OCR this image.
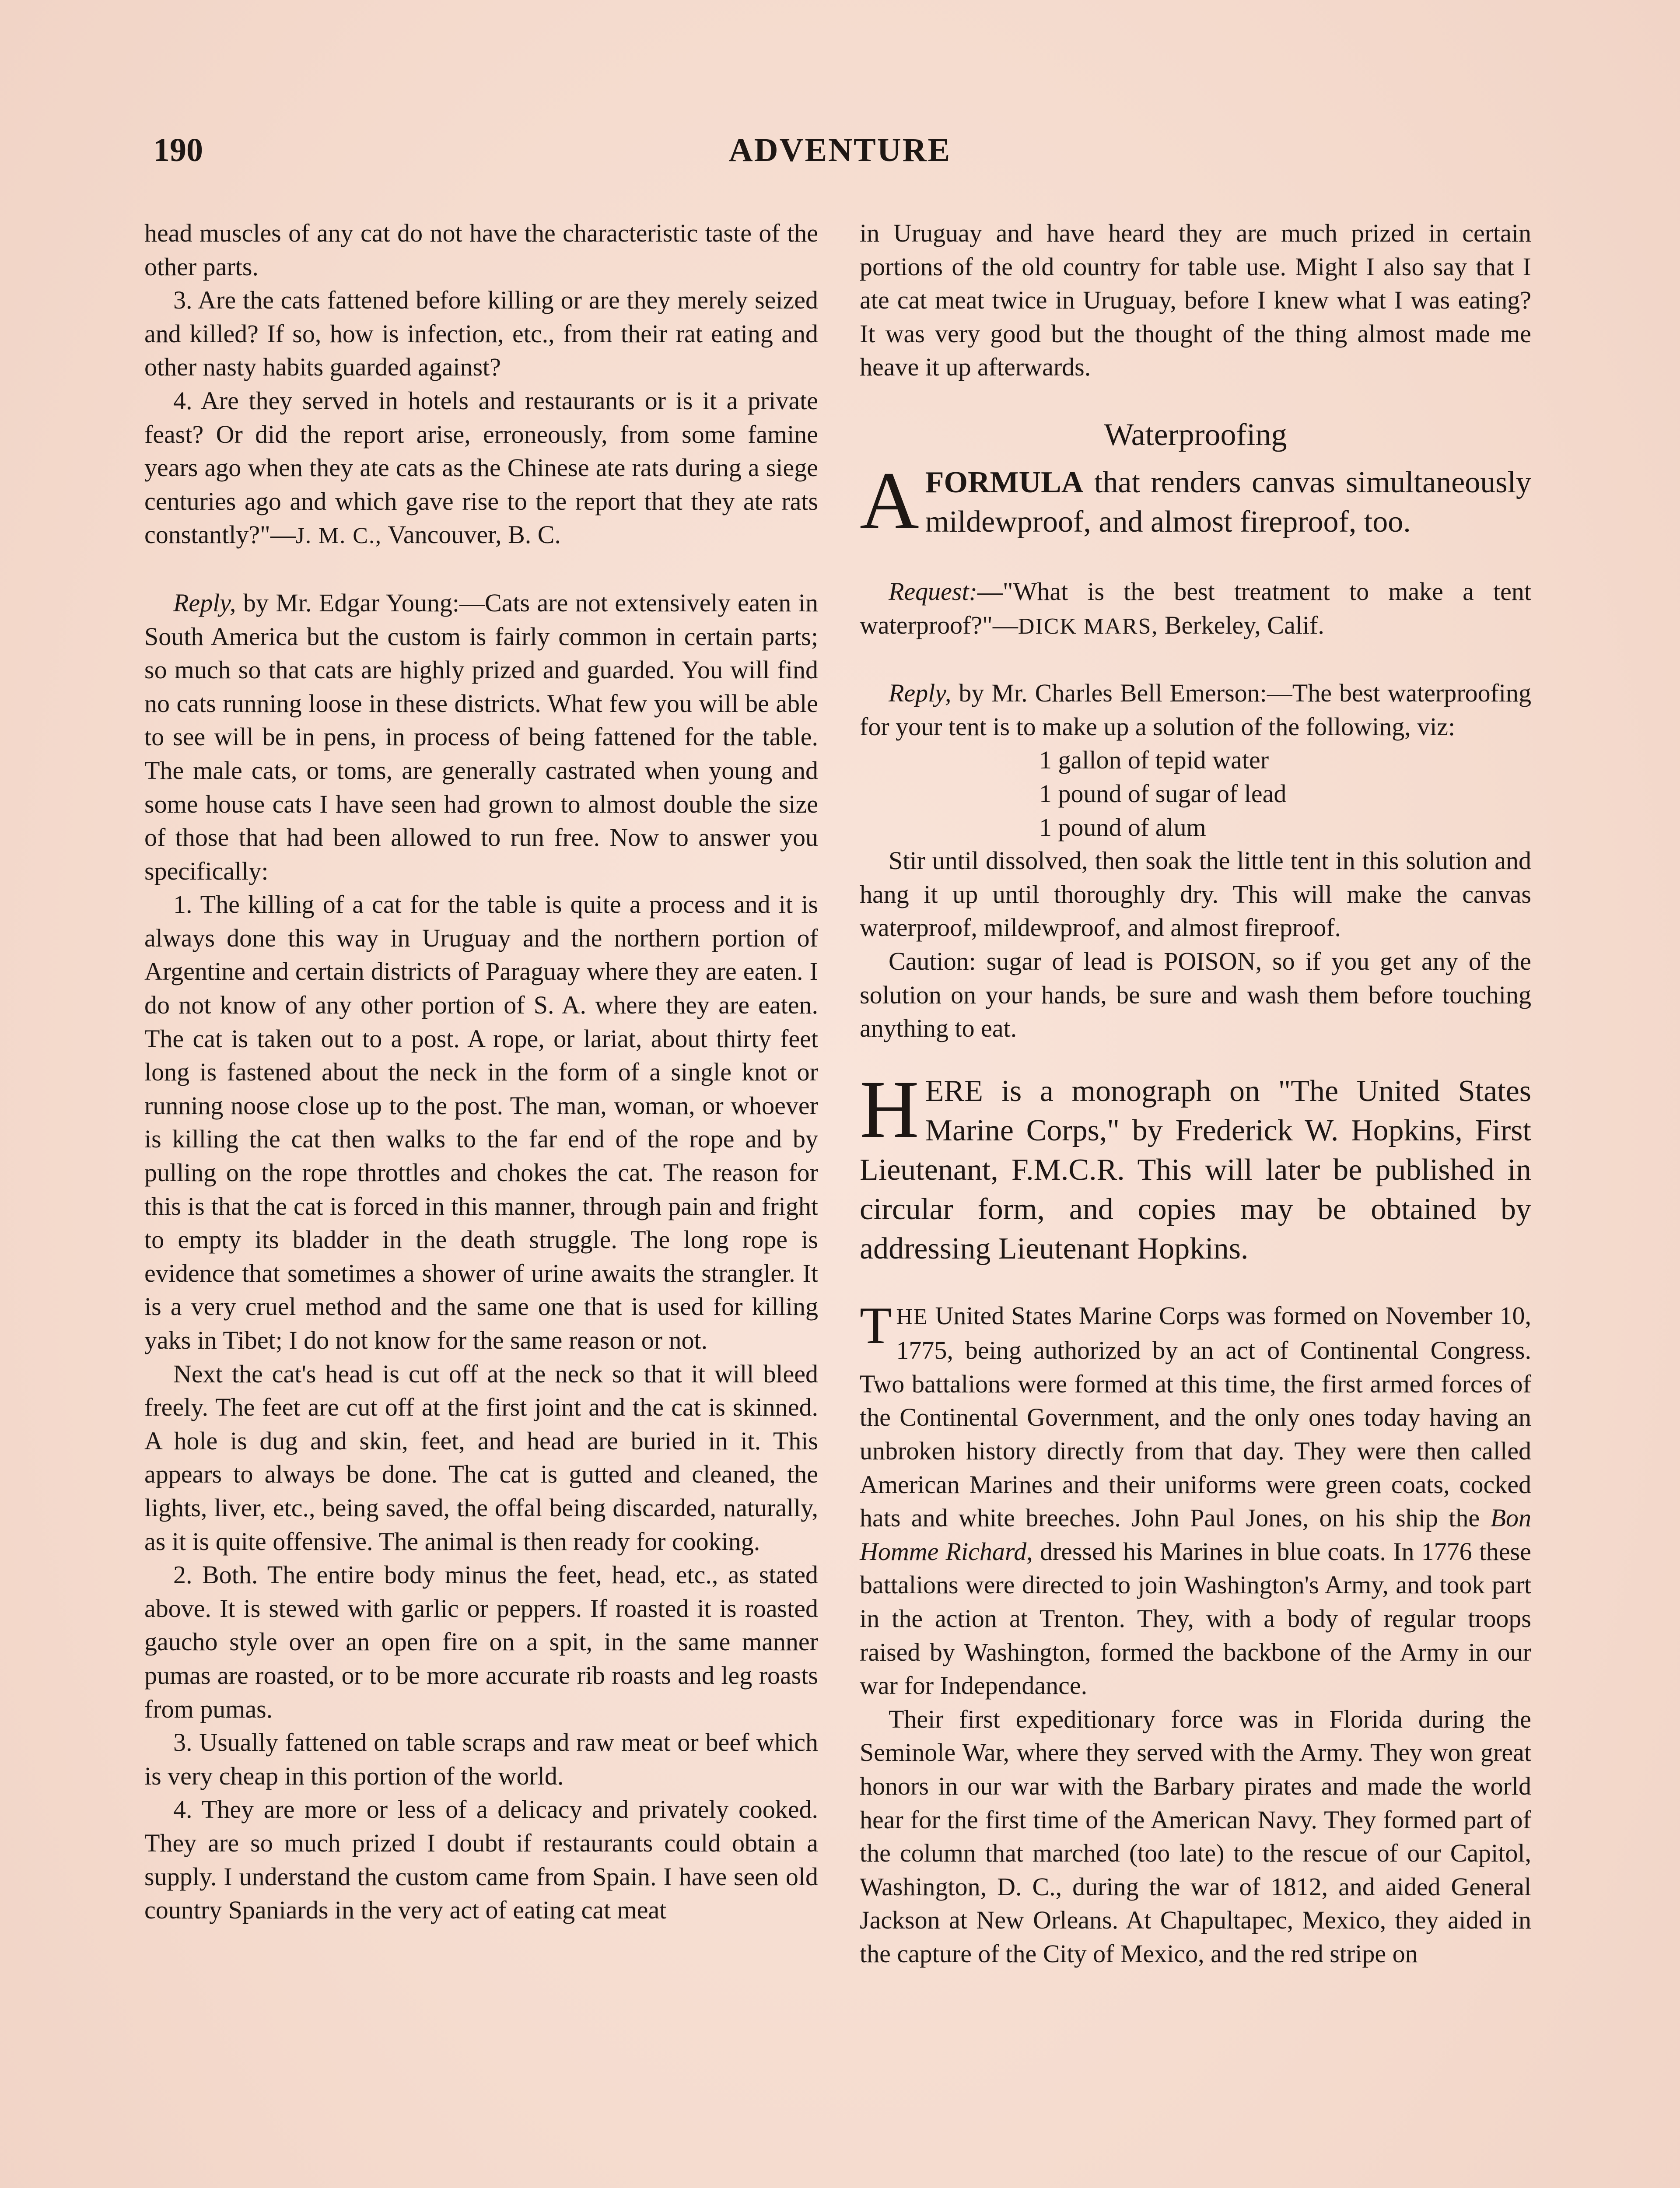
190	ADVENTURE

head muscles of any cat do not have the characteristic taste of the other parts.

3. Are the cats fattened before killing or are they merely seized and killed? If so, how is infection, etc., from their rat eating and other nasty habits guarded against?

4. Are they served in hotels and restaurants or is it a private feast? Or did the report arise, erroneously, from some famine years ago when they ate cats as the Chinese ate rats during a siege centuries ago and which gave rise to the report that they ate rats constantly?"—J. M. C., Vancouver, B. C.

Reply, by Mr. Edgar Young:—Cats are not extensively eaten in South America but the custom is fairly common in certain parts; so much so that cats are highly prized and guarded. You will find no cats running loose in these districts. What few you will be able to see will be in pens, in process of being fattened for the table. The male cats, or toms, are generally castrated when young and some house cats I have seen had grown to almost double the size of those that had been allowed to run free. Now to answer you specifically:

1. The killing of a cat for the table is quite a process and it is always done this way in Uruguay and the northern portion of Argentine and certain districts of Paraguay where they are eaten. I do not know of any other portion of S. A. where they are eaten. The cat is taken out to a post. A rope, or lariat, about thirty feet long is fastened about the neck in the form of a single knot or running noose close up to the post. The man, woman, or whoever is killing the cat then walks to the far end of the rope and by pulling on the rope throttles and chokes the cat. The reason for this is that the cat is forced in this manner, through pain and fright to empty its bladder in the death struggle. The long rope is evidence that sometimes a shower of urine awaits the strangler. It is a very cruel method and the same one that is used for killing yaks in Tibet; I do not know for the same reason or not.

Next the cat's head is cut off at the neck so that it will bleed freely. The feet are cut off at the first joint and the cat is skinned. A hole is dug and skin, feet, and head are buried in it. This appears to always be done. The cat is gutted and cleaned, the lights, liver, etc., being saved, the offal being discarded, naturally, as it is quite offensive. The animal is then ready for cooking.

2. Both. The entire body minus the feet, head, etc., as stated above. It is stewed with garlic or peppers. If roasted it is roasted gaucho style over an open fire on a spit, in the same manner pumas are roasted, or to be more accurate rib roasts and leg roasts from pumas.

3. Usually fattened on table scraps and raw meat or beef which is very cheap in this portion of the world.

4. They are more or less of a delicacy and privately cooked. They are so much prized I doubt if restaurants could obtain a supply. I understand the custom came from Spain. I have seen old country Spaniards in the very act of eating cat meat

in Uruguay and have heard they are much prized in certain portions of the old country for table use. Might I also say that I ate cat meat twice in Uruguay, before I knew what I was eating? It was very good but the thought of the thing almost made me heave it up afterwards.

Waterproofing
AFORMULA that renders canvas simultaneously mildewproof, and almost fireproof, too.

Request:—"What is the best treatment to make a tent waterproof?"—DICK MARS, Berkeley, Calif.

Reply, by Mr. Charles Bell Emerson:—The best waterproofing for your tent is to make up a solution of the following, viz:

1 gallon of tepid water
1 pound of sugar of lead
1 pound of alum

Stir until dissolved, then soak the little tent in this solution and hang it up until thoroughly dry. This will make the canvas waterproof, mildewproof, and almost fireproof.

Caution: sugar of lead is POISON, so if you get any of the solution on your hands, be sure and wash them before touching anything to eat.

HERE is a monograph on "The United States Marine Corps," by Frederick W. Hopkins, First Lieutenant, F.M.C.R. This will later be published in circular form, and copies may be obtained by addressing Lieutenant Hopkins.

THE United States Marine Corps was formed on November 10, 1775, being authorized by an act of Continental Congress. Two battalions were formed at this time, the first armed forces of the Continental Government, and the only ones today having an unbroken history directly from that day. They were then called American Marines and their uniforms were green coats, cocked hats and white breeches. John Paul Jones, on his ship the Bon Homme Richard, dressed his Marines in blue coats. In 1776 these battalions were directed to join Washington's Army, and took part in the action at Trenton. They, with a body of regular troops raised by Washington, formed the backbone of the Army in our war for Independance.

Their first expeditionary force was in Florida during the Seminole War, where they served with the Army. They won great honors in our war with the Barbary pirates and made the world hear for the first time of the American Navy. They formed part of the column that marched (too late) to the rescue of our Capitol, Washington, D. C., during the war of 1812, and aided General Jackson at New Orleans. At Chapultapec, Mexico, they aided in the capture of the City of Mexico, and the red stripe on
